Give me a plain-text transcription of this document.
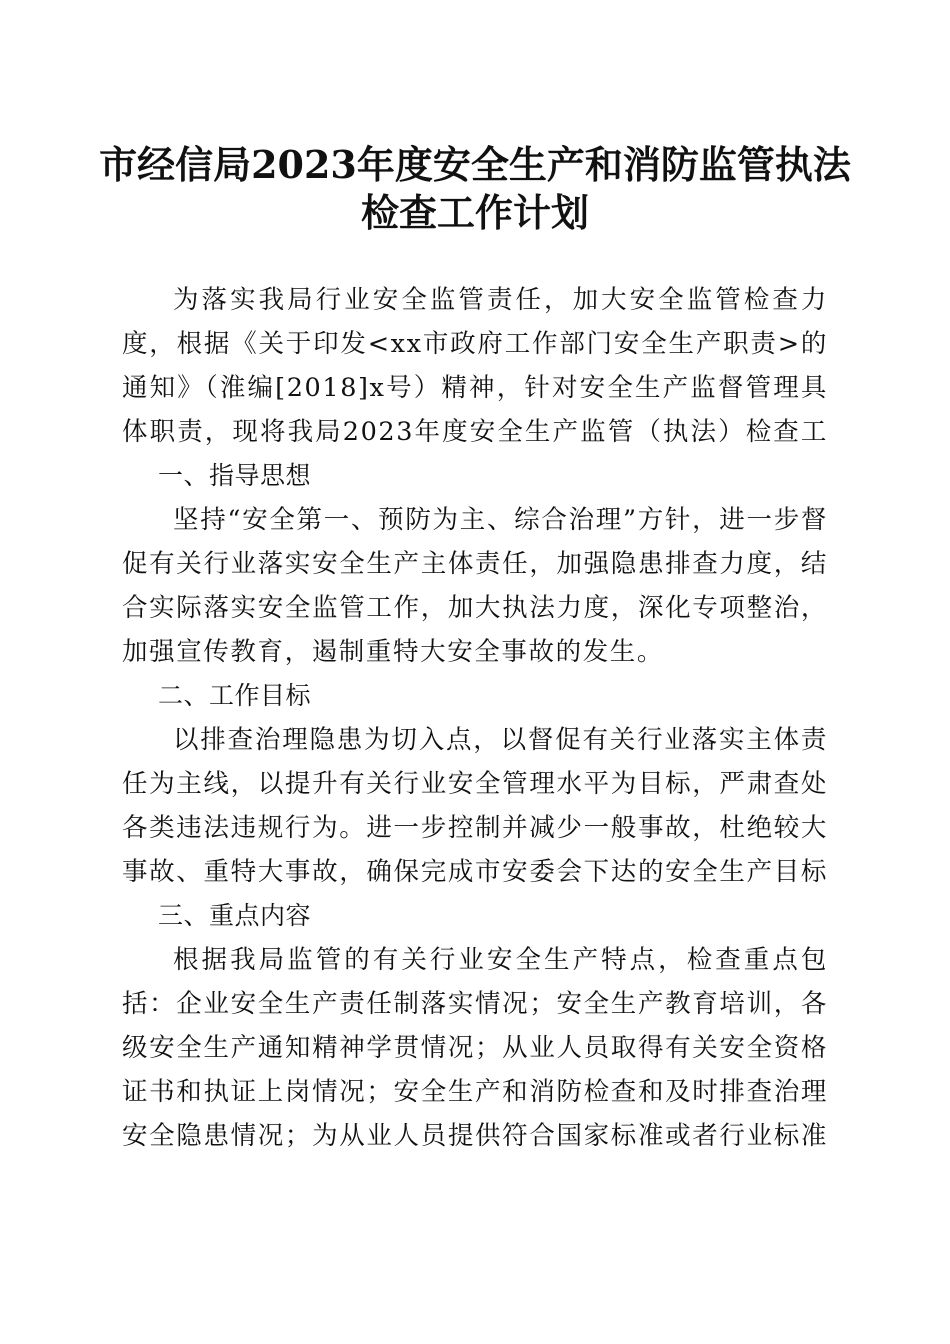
市经信局2023年度安全生产和消防监管执法
检查工作计划

为落实我局行业安全监管责任，加大安全监管检查力度，根据《关于印发<xx市政府工作部门安全生产职责>的通知》（淮编[2018]x号）精神，针对安全生产监督管理具体职责，现将我局2023年度安全生产监管（执法）检查工

一、指导思想

坚持“安全第一、预防为主、综合治理”方针，进一步督促有关行业落实安全生产主体责任，加强隐患排查力度，结合实际落实安全监管工作，加大执法力度，深化专项整治，加强宣传教育，遏制重特大安全事故的发生。

二、工作目标

以排查治理隐患为切入点，以督促有关行业落实主体责任为主线，以提升有关行业安全管理水平为目标，严肃查处各类违法违规行为。进一步控制并减少一般事故，杜绝较大事故、重特大事故，确保完成市安委会下达的安全生产目标

三、重点内容

根据我局监管的有关行业安全生产特点，检查重点包括：企业安全生产责任制落实情况；安全生产教育培训，各级安全生产通知精神学贯情况；从业人员取得有关安全资格证书和执证上岗情况；安全生产和消防检查和及时排查治理安全隐患情况；为从业人员提供符合国家标准或者行业标准
